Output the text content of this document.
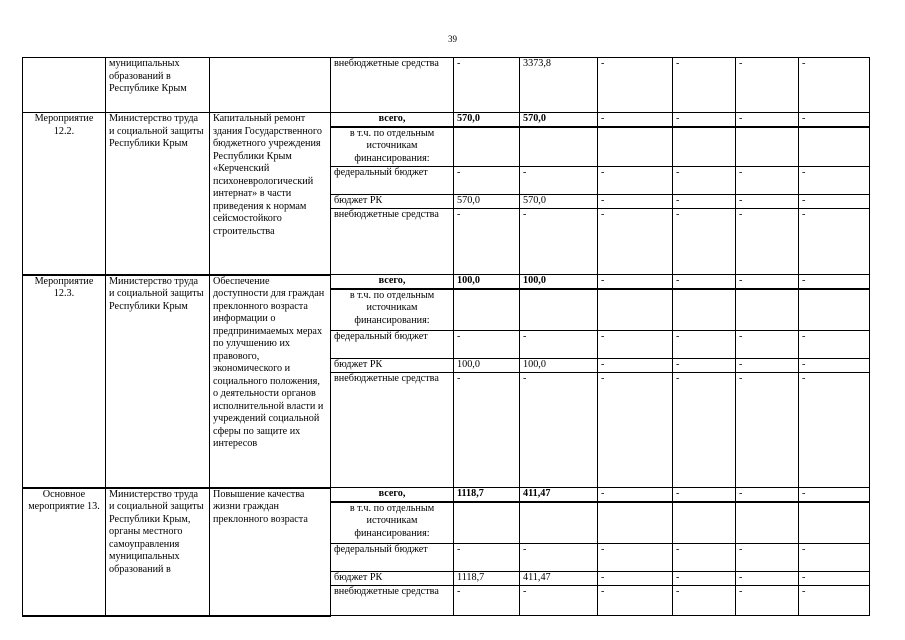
39
	муниципальных образований в Республике Крым		внебюджетные средства	-	3373,8	-	-	-	-
Мероприятие 12.2.	Министерство труда и социальной защиты Республики Крым	Капитальный ремонт здания Государственного бюджетного учреждения Республики Крым «Керченский психоневрологический интернат» в части приведения к нормам сейсмостойкого строительства	всего,	570,0	570,0	-	-	-	-
			в т.ч. по отдельным источникам финансирования:						
			федеральный бюджет	-	-	-	-	-	-
			бюджет РК	570,0	570,0	-	-	-	-
			внебюджетные средства	-	-	-	-	-	-
Мероприятие 12.3.	Министерство труда и социальной защиты Республики Крым	Обеспечение доступности для граждан преклонного возраста информации о предпринимаемых мерах по улучшению их правового, экономического и социального положения, о деятельности органов исполнительной власти и учреждений социальной сферы по защите их интересов	всего,	100,0	100,0	-	-	-	-
			в т.ч. по отдельным источникам финансирования:						
			федеральный бюджет	-	-	-	-	-	-
			бюджет РК	100,0	100,0	-	-	-	-
			внебюджетные средства	-	-	-	-	-	-
Основное мероприятие 13.	Министерство труда и социальной защиты Республики Крым, органы местного самоуправления муниципальных образований в	Повышение качества жизни граждан преклонного возраста	всего,	1118,7	411,47	-	-	-	-
			в т.ч. по отдельным источникам финансирования:						
			федеральный бюджет	-	-	-	-	-	-
			бюджет РК	1118,7	411,47	-	-	-	-
			внебюджетные средства	-	-	-	-	-	-
